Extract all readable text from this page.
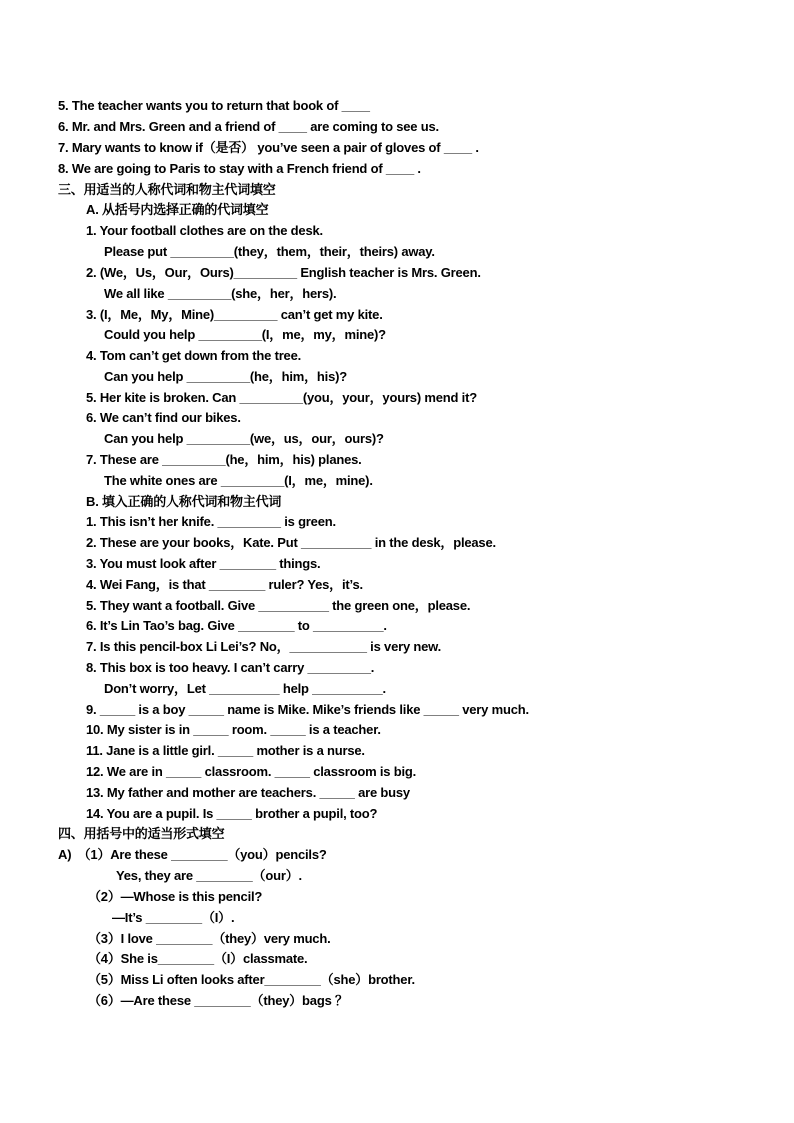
5. The teacher wants you to return that book of ____
6. Mr. and Mrs. Green and a friend of ____ are coming to see us.
7. Mary wants to know if（是否） you’ve seen a pair of gloves of ____ .
8. We are going to Paris to stay with a French friend of ____ .
三、用适当的人称代词和物主代词填空
A. 从括号内选择正确的代词填空
1. Your football clothes are on the desk.
Please put _________(they，them，their，theirs) away.
2. (We，Us，Our，Ours)_________ English teacher is Mrs. Green.
We all like _________(she，her，hers).
3. (I，Me，My，Mine)_________ can’t get my kite.
Could you help _________(I，me，my，mine)?
4. Tom can’t get down from the tree.
Can you help _________(he，him，his)?
5. Her kite is broken. Can _________(you，your，yours) mend it?
6. We can’t find our bikes.
Can you help _________(we，us，our，ours)?
7. These are _________(he，him，his) planes.
The white ones are _________(I，me，mine).
B. 填入正确的人称代词和物主代词
1. This isn’t her knife. _________ is green.
2. These are your books，Kate. Put __________ in the desk，please.
3. You must look after ________ things.
4. Wei Fang，is that ________ ruler? Yes，it’s.
5. They want a football. Give __________ the green one，please.
6. It’s Lin Tao’s bag. Give ________ to __________.
7. Is this pencil-box Li Lei’s? No，___________ is very new.
8. This box is too heavy. I can’t carry _________.
Don’t worry，Let __________ help __________.
9. _____ is a boy _____ name is Mike. Mike’s friends like _____ very much.
10. My sister is in _____ room. _____ is a teacher.
11. Jane is a little girl. _____ mother is a nurse.
12. We are in _____ classroom. _____ classroom is big.
13. My father and mother are teachers. _____ are busy
14. You are a pupil. Is _____ brother a pupil, too?
四、用括号中的适当形式填空
A)　（1）Are these ________（you）pencils?
Yes, they are ________（our）.
（2）—Whose is this pencil?
—It’s ________（I）.
（3）I love ________（they）very much.
（4）She is________（I）classmate.
（5）Miss Li often looks after________（she）brother.
（6）—Are these ________（they）bags ？
